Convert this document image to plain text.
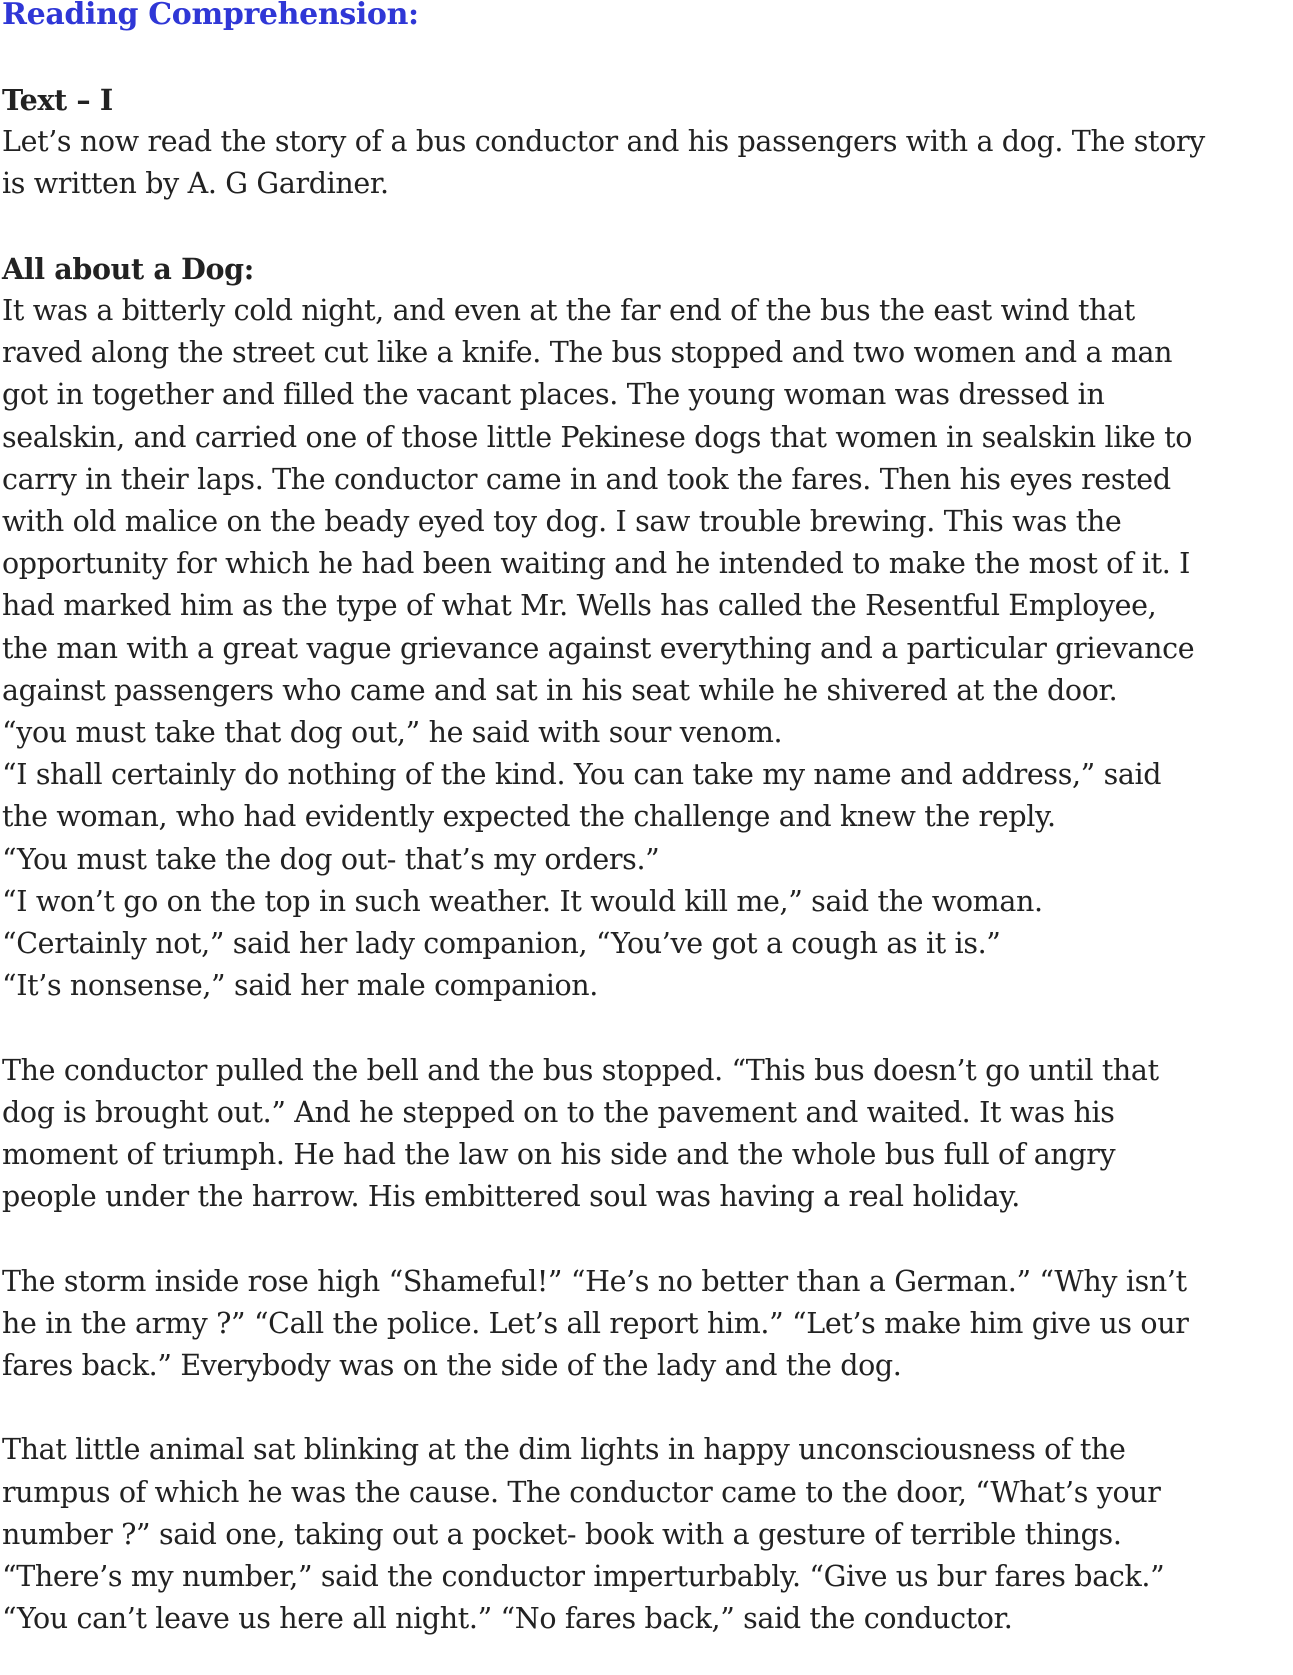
Reading Comprehension:
Text – I
Let’s now read the story of a bus conductor and his passengers with a dog. The story
is written by A. G Gardiner.
All about a Dog:
It was a bitterly cold night, and even at the far end of the bus the east wind that
raved along the street cut like a knife. The bus stopped and two women and a man
got in together and filled the vacant places. The young woman was dressed in
sealskin, and carried one of those little Pekinese dogs that women in sealskin like to
carry in their laps. The conductor came in and took the fares. Then his eyes rested
with old malice on the beady eyed toy dog. I saw trouble brewing. This was the
opportunity for which he had been waiting and he intended to make the most of it. I
had marked him as the type of what Mr. Wells has called the Resentful Employee,
the man with a great vague grievance against everything and a particular grievance
against passengers who came and sat in his seat while he shivered at the door.
“you must take that dog out,” he said with sour venom.
“I shall certainly do nothing of the kind. You can take my name and address,” said
the woman, who had evidently expected the challenge and knew the reply.
“You must take the dog out- that’s my orders.”
“I won’t go on the top in such weather. It would kill me,” said the woman.
“Certainly not,” said her lady companion, “You’ve got a cough as it is.”
“It’s nonsense,” said her male companion.
The conductor pulled the bell and the bus stopped. “This bus doesn’t go until that
dog is brought out.” And he stepped on to the pavement and waited. It was his
moment of triumph. He had the law on his side and the whole bus full of angry
people under the harrow. His embittered soul was having a real holiday.
The storm inside rose high “Shameful!” “He’s no better than a German.” “Why isn’t
he in the army ?” “Call the police. Let’s all report him.” “Let’s make him give us our
fares back.” Everybody was on the side of the lady and the dog.
That little animal sat blinking at the dim lights in happy unconsciousness of the
rumpus of which he was the cause. The conductor came to the door, “What’s your
number ?” said one, taking out a pocket- book with a gesture of terrible things.
“There’s my number,” said the conductor imperturbably. “Give us bur fares back.”
“You can’t leave us here all night.” “No fares back,” said the conductor.
